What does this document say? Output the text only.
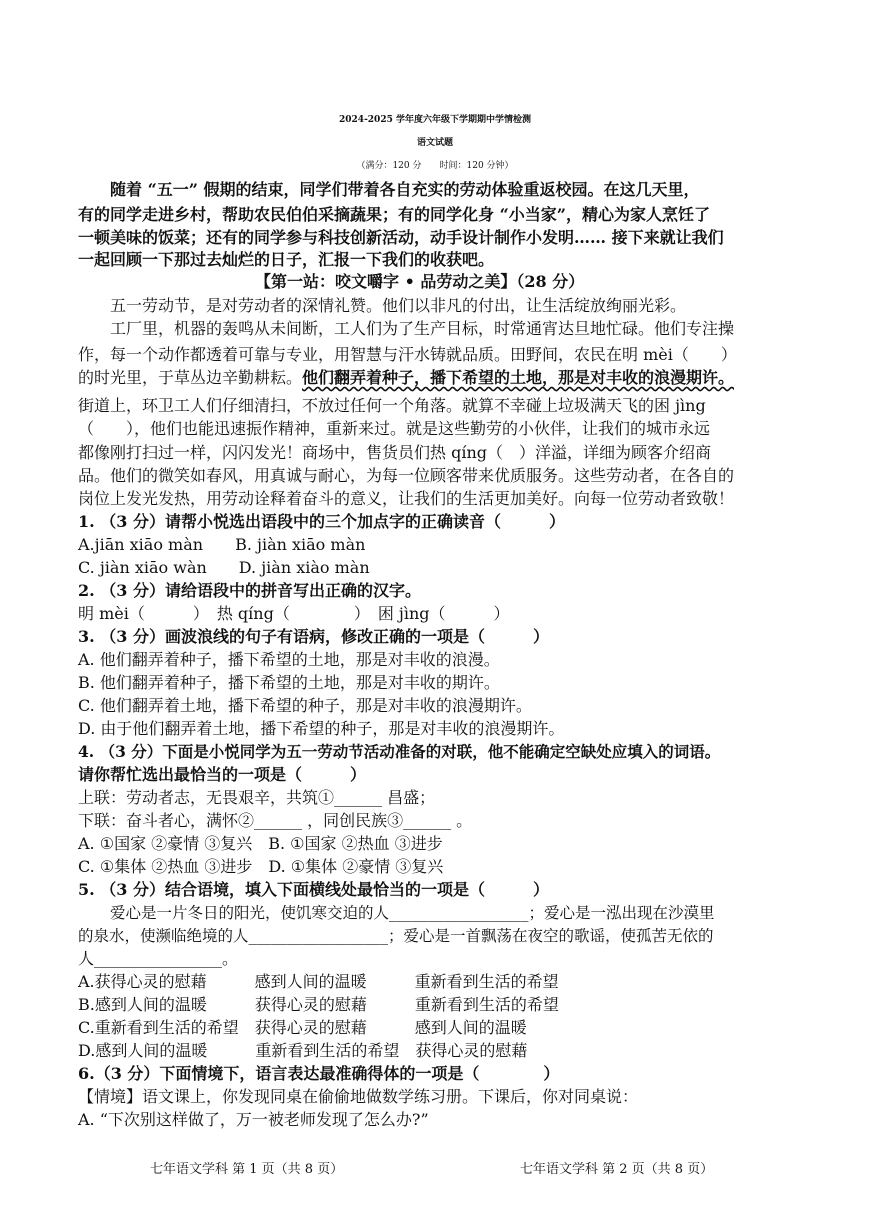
2024-2025 学年度六年级下学期期中学情检测
语文试题
（满分：120 分　　时间：120 分钟）
随着 “五一” 假期的结束，同学们带着各自充实的劳动体验重返校园。在这几天里，
有的同学走进乡村，帮助农民伯伯采摘蔬果；有的同学化身 “小当家”，精心为家人烹饪了
一顿美味的饭菜；还有的同学参与科技创新活动，动手设计制作小发明…… 接下来就让我们
一起回顾一下那过去灿烂的日子，汇报一下我们的收获吧。
【第一站：咬文嚼字 • 品劳动之美】（28 分）
五一劳动节，是对劳动者的深情礼赞。他们以非凡的付出，让生活绽放绚丽光彩。
工厂里，机器的轰鸣从未间断，工人们为了生产目标，时常通宵达旦地忙碌。他们专注操
作，每一个动作都透着可靠与专业，用智慧与汗水铸就品质。田野间，农民在明 mèi（　　）
的时光里，于草丛边辛勤耕耘。他们翻弄着种子，播下希望的土地，那是对丰收的浪漫期许。
街道上，环卫工人们仔细清扫，不放过任何一个角落。就算不幸碰上垃圾满天飞的困 jìng
（　　），他们也能迅速振作精神，重新来过。就是这些勤劳的小伙伴，让我们的城市永远
都像刚打扫过一样，闪闪发光！商场中，售货员们热 qíng（　）洋溢，详细为顾客介绍商
品。他们的微笑如春风，用真诚与耐心，为每一位顾客带来优质服务。这些劳动者，在各自的
岗位上发光发热，用劳动诠释着奋斗的意义，让我们的生活更加美好。向每一位劳动者致敬！
1. （3 分）请帮小悦选出语段中的三个加点字的正确读音（　　　）
A.jiān xiāo màn　　B. jiàn xiāo màn
C. jiàn xiāo wàn　　D. jiàn xiào màn
2. （3 分）请给语段中的拼音写出正确的汉字。
明 mèi（　　　）　热 qíng（　　　　）　困 jìng（　　　）
3. （3 分）画波浪线的句子有语病，修改正确的一项是（　　　）
A. 他们翻弄着种子，播下希望的土地，那是对丰收的浪漫。
B. 他们翻弄着种子，播下希望的土地，那是对丰收的期许。
C. 他们翻弄着土地，播下希望的种子，那是对丰收的浪漫期许。
D. 由于他们翻弄着土地，播下希望的种子，那是对丰收的浪漫期许。
4. （3 分）下面是小悦同学为五一劳动节活动准备的对联，他不能确定空缺处应填入的词语。
请你帮忙选出最恰当的一项是（　　　）
上联：劳动者志，无畏艰辛，共筑①______ 昌盛；
下联：奋斗者心，满怀②______ ，同创民族③______ 。
A. ①国家 ②豪情 ③复兴　B. ①国家 ②热血 ③进步
C. ①集体 ②热血 ③进步　D. ①集体 ②豪情 ③复兴
5. （3 分）结合语境，填入下面横线处最恰当的一项是（　　　）
爱心是一片冬日的阳光，使饥寒交迫的人__________________；爱心是一泓出现在沙漠里
的泉水，使濒临绝境的人__________________；爱心是一首飘荡在夜空的歌谣，使孤苦无依的
人________________。
A.获得心灵的慰藉　　　感到人间的温暖　　　重新看到生活的希望
B.感到人间的温暖　　　获得心灵的慰藉　　　重新看到生活的希望
C.重新看到生活的希望　获得心灵的慰藉　　　感到人间的温暖
D.感到人间的温暖　　　重新看到生活的希望　获得心灵的慰藉
6.（3 分）下面情境下，语言表达最准确得体的一项是（　　　　）
【情境】语文课上，你发现同桌在偷偷地做数学练习册。下课后，你对同桌说：
A. “下次别这样做了，万一被老师发现了怎么办?”
七年语文学科 第 1 页（共 8 页）	七年语文学科 第 2 页（共 8 页）
